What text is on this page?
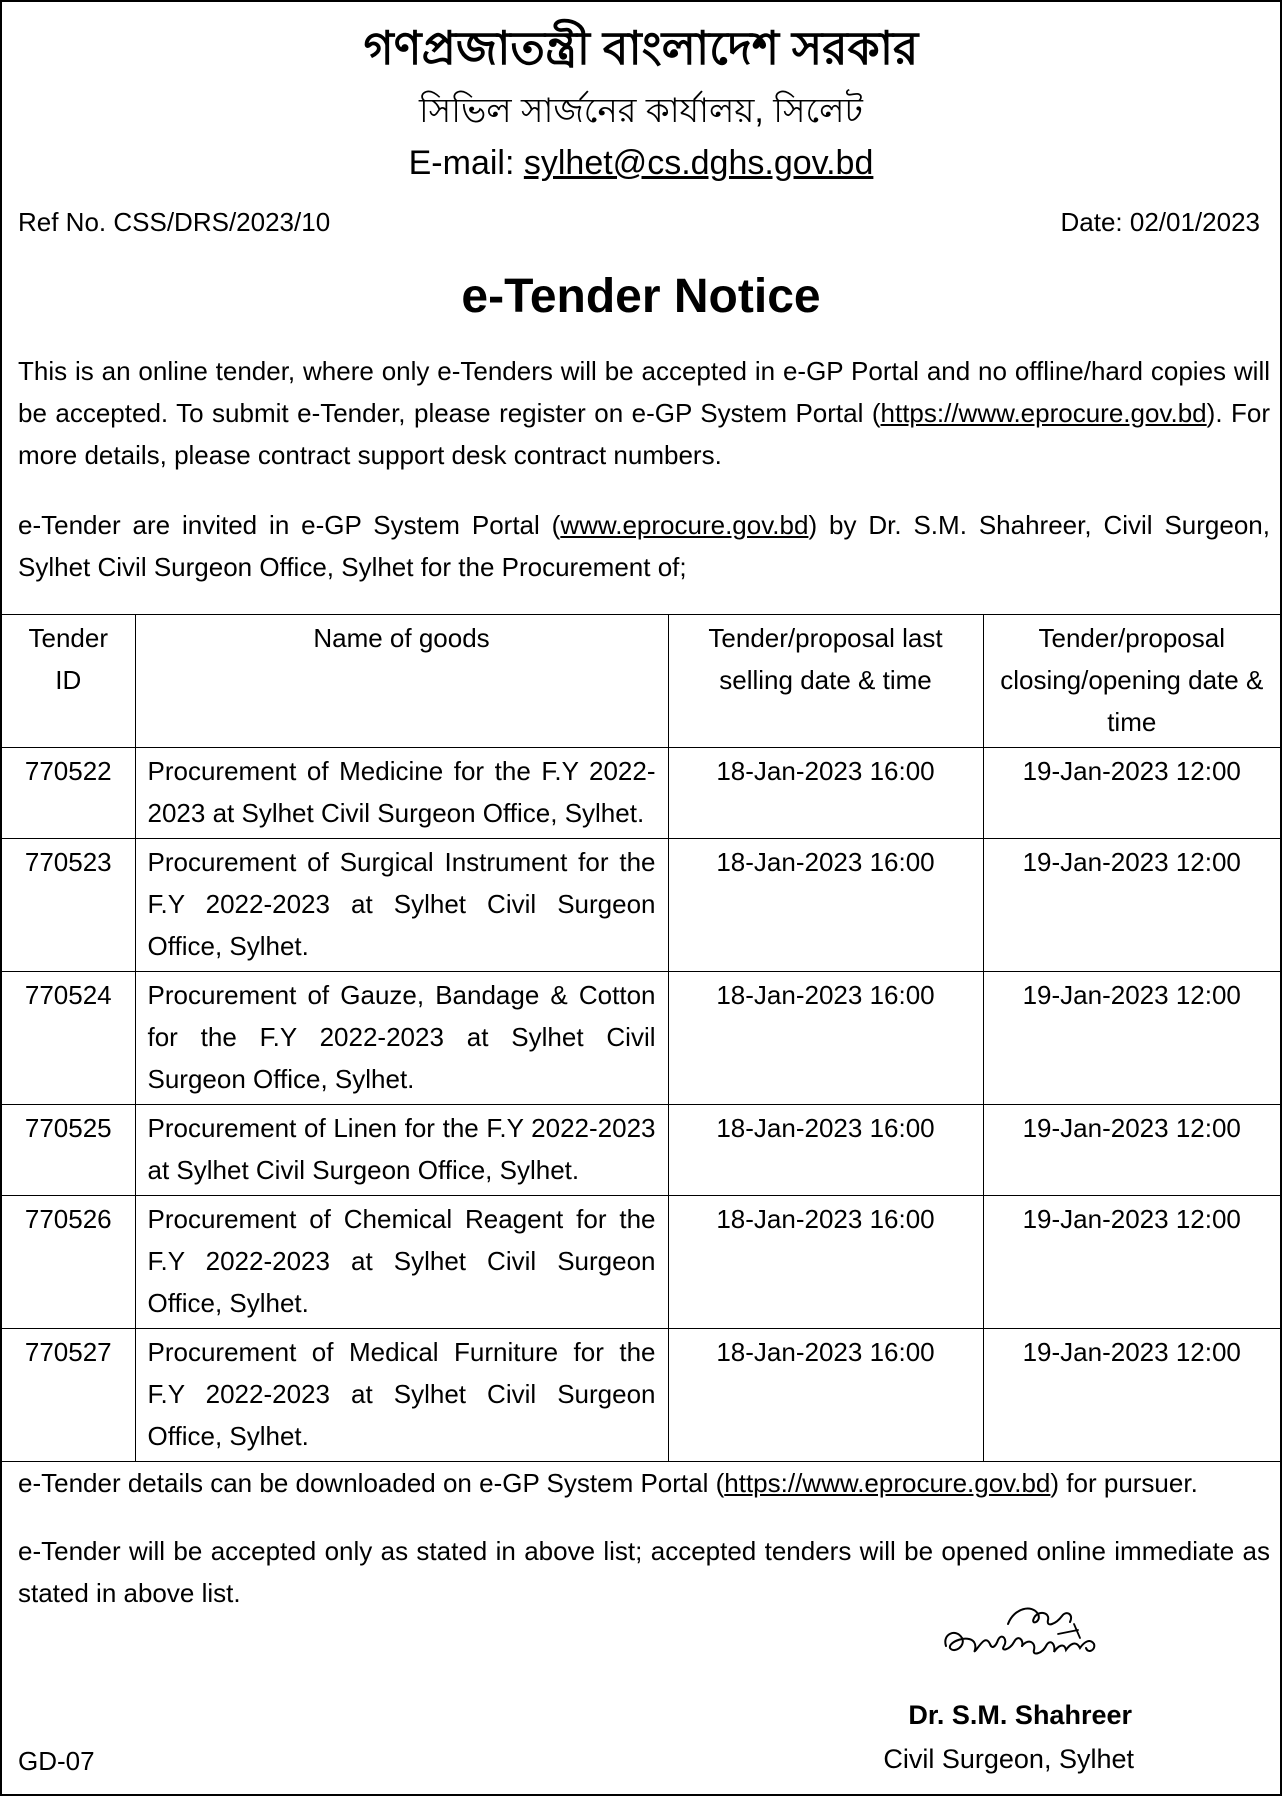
গণপ্রজাতন্ত্রী বাংলাদেশ সরকার
সিভিল সার্জনের কার্যালয়, সিলেট
E-mail: sylhet@cs.dghs.gov.bd
Ref No. CSS/DRS/2023/10	Date: 02/01/2023
e-Tender Notice
This is an online tender, where only e-Tenders will be accepted in e-GP Portal and no offline/hard copies will be accepted. To submit e-Tender, please register on e-GP System Portal (https://www.eprocure.gov.bd). For more details, please contract support desk contract numbers.
e-Tender are invited in e-GP System Portal (www.eprocure.gov.bd) by Dr. S.M. Shahreer, Civil Surgeon, Sylhet Civil Surgeon Office, Sylhet for the Procurement of;
Tender ID	Name of goods	Tender/proposal last selling date & time	Tender/proposal closing/opening date & time
770522	Procurement of Medicine for the F.Y 2022-2023 at Sylhet Civil Surgeon Office, Sylhet.	18-Jan-2023 16:00	19-Jan-2023 12:00
770523	Procurement of Surgical Instrument for the F.Y 2022-2023 at Sylhet Civil Surgeon Office, Sylhet.	18-Jan-2023 16:00	19-Jan-2023 12:00
770524	Procurement of Gauze, Bandage & Cotton for the F.Y 2022-2023 at Sylhet Civil Surgeon Office, Sylhet.	18-Jan-2023 16:00	19-Jan-2023 12:00
770525	Procurement of Linen for the F.Y 2022-2023 at Sylhet Civil Surgeon Office, Sylhet.	18-Jan-2023 16:00	19-Jan-2023 12:00
770526	Procurement of Chemical Reagent for the F.Y 2022-2023 at Sylhet Civil Surgeon Office, Sylhet.	18-Jan-2023 16:00	19-Jan-2023 12:00
770527	Procurement of Medical Furniture for the F.Y 2022-2023 at Sylhet Civil Surgeon Office, Sylhet.	18-Jan-2023 16:00	19-Jan-2023 12:00
e-Tender details can be downloaded on e-GP System Portal (https://www.eprocure.gov.bd) for pursuer.
e-Tender will be accepted only as stated in above list; accepted tenders will be opened online immediate as stated in above list.
Dr. S.M. Shahreer
Civil Surgeon, Sylhet
GD-07
